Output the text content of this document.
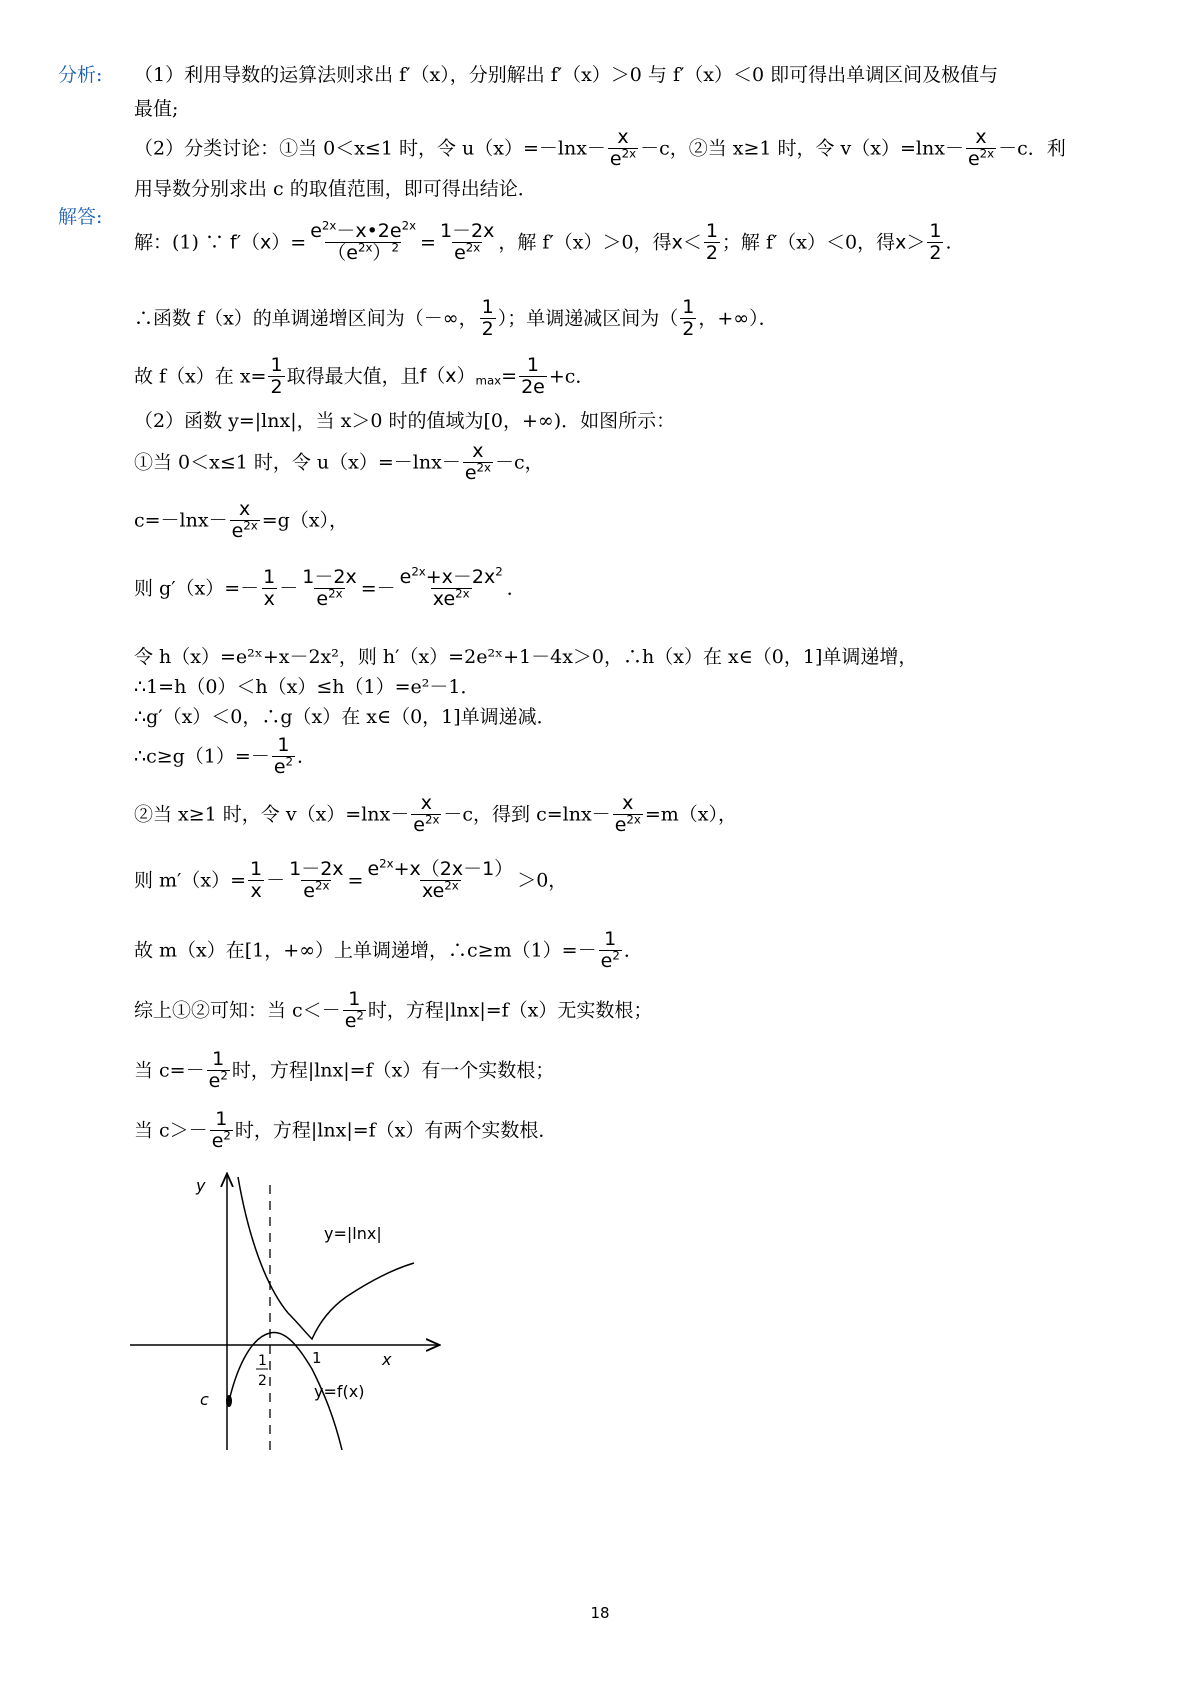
分析: （1）利用导数的运算法则求出 f′（x），分别解出 f′（x）＞0 与 f′（x）＜0 即可得出单调区间及极值与
最值;
（2）分类讨论：①当 0＜x≤1 时，令 $u(x)=-\ln x- \frac{x}{e^{2x}} -c$，②当 x≥1 时，令 $v(x)=\ln x- \frac{x}{e^{2x}} -c$．利
用导数分别求出 c 的取值范围，即可得出结论．
解答:
解：(1) ∵ $f'(x)= \frac{e^{2x}-x•2e^{2x}}{(e^{2x})^2} = \frac{1-2x}{e^{2x}}$ ，解 f′（x）＞0，得$x< \frac{1}{2}$ ；解 f′（x）＜0，得$x> \frac{1}{2}$ .
∴函数 f（x）的单调递增区间为（－∞， $\frac{1}{2}$ ）；单调递减区间为（ $\frac{1}{2}$ ，+∞）．
故 f（x）在 $x= \frac{1}{2}$ 取得最大值，且$f(x)_{max}= \frac{1}{2e} +c$．
（2）函数 y=|lnx|，当 x＞0 时的值域为[0，+∞)．如图所示：
①当 0＜x≤1 时，令 $u(x)=-\ln x- \frac{x}{e^{2x}} -c$，
$c=-\ln x- \frac{x}{e^{2x}} =g(x)$，
则 $g'(x)=- \frac{1}{x} - \frac{1-2x}{e^{2x}} =- \frac{e^{2x}+x-2x^2}{xe^{2x}}$ ．
令 h（x）=e²ˣ+x－2x²，则 h′（x）=2e²ˣ+1－4x＞0，∴h（x）在 x∈（0，1]单调递增，
∴1=h（0）＜h（x）≤h（1）=e²－1．
∴g′（x）＜0，∴g（x）在 x∈（0，1]单调递减．
∴c≥g（1）=－ $\frac{1}{e^2}$ ．
②当 x≥1 时，令 $v(x)=\ln x- \frac{x}{e^{2x}} -c$，得到 $c=\ln x- \frac{x}{e^{2x}} =m(x)$，
则 $m'(x)= \frac{1}{x} - \frac{1-2x}{e^{2x}} = \frac{e^{2x}+x(2x-1)}{xe^{2x}} >0$，
故 m（x）在[1，+∞）上单调递增，∴c≥m（1）=－ $\frac{1}{e^2}$ ．
综上①②可知：当 $c<- \frac{1}{e^2}$ 时，方程|lnx|=f（x）无实数根；
当 $c=- \frac{1}{e^2}$ 时，方程|lnx|=f（x）有一个实数根；
当 $c>- \frac{1}{e^2}$ 时，方程|lnx|=f（x）有两个实数根．
y
x
1
1
2
c
y=|lnx|
y=f(x)
18
